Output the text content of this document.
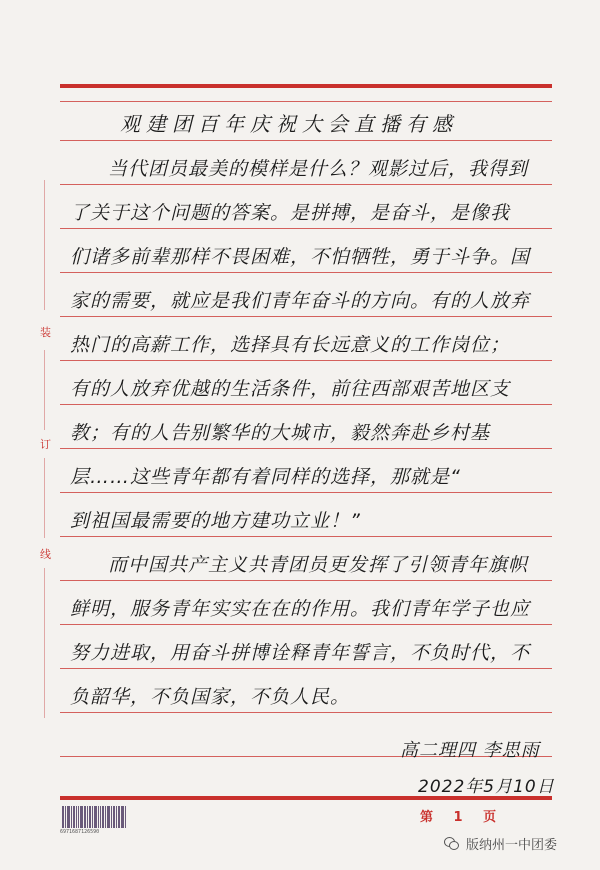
装
订
线
观建团百年庆祝大会直播有感
当代团员最美的模样是什么？观影过后，我得到
了关于这个问题的答案。是拼搏，是奋斗，是像我
们诸多前辈那样不畏困难，不怕牺牲，勇于斗争。国
家的需要，就应是我们青年奋斗的方向。有的人放弃
热门的高薪工作，选择具有长远意义的工作岗位；
有的人放弃优越的生活条件，前往西部艰苦地区支
教；有的人告别繁华的大城市，毅然奔赴乡村基
层……这些青年都有着同样的选择，那就是“
到祖国最需要的地方建功立业！”
而中国共产主义共青团员更发挥了引领青年旗帜
鲜明，服务青年实实在在的作用。我们青年学子也应
努力进取，用奋斗拼博诠释青年誓言，不负时代，不
负韶华，不负国家，不负人民。
高二理四 李思雨
2022年5月10日
6971687126590
第 1 页
版纳州一中团委
